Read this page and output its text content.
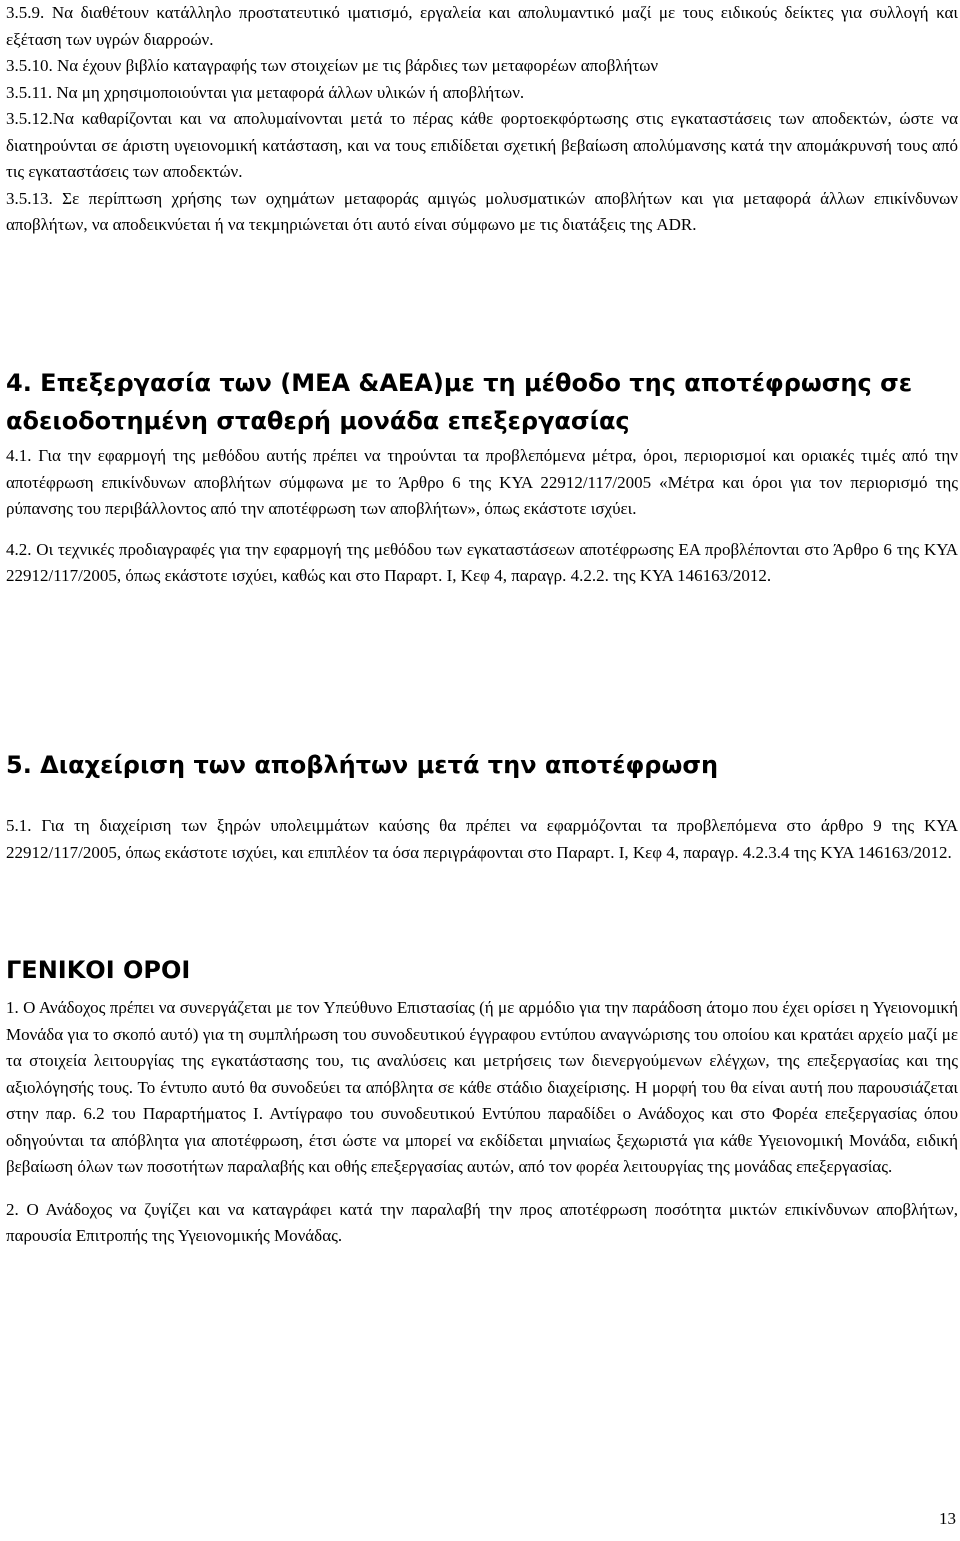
3.5.9. Να διαθέτουν κατάλληλο προστατευτικό ιματισμό, εργαλεία και απολυμαντικό μαζί με τους ειδικούς δείκτες για συλλογή και εξέταση των υγρών διαρροών.

3.5.10. Να έχουν βιβλίο καταγραφής των στοιχείων με τις βάρδιες των μεταφορέων αποβλήτων

3.5.11. Να μη χρησιμοποιούνται για μεταφορά άλλων υλικών ή αποβλήτων.

3.5.12.Να καθαρίζονται και να απολυμαίνονται μετά το πέρας κάθε φορτοεκφόρτωσης στις εγκαταστάσεις των αποδεκτών, ώστε να διατηρούνται σε άριστη υγειονομική κατάσταση, και να τους επιδίδεται σχετική βεβαίωση απολύμανσης κατά την απομάκρυνσή τους από τις εγκαταστάσεις των αποδεκτών.

3.5.13. Σε περίπτωση χρήσης των οχημάτων μεταφοράς αμιγώς μολυσματικών αποβλήτων και για μεταφορά άλλων επικίνδυνων αποβλήτων, να αποδεικνύεται ή να τεκμηριώνεται ότι αυτό είναι σύμφωνο με τις διατάξεις της ADR.

4. Επεξεργασία των (ΜΕΑ &ΑΕΑ)με τη μέθοδο της αποτέφρωσης σε αδειοδοτημένη σταθερή μονάδα επεξεργασίας

4.1. Για την εφαρμογή της μεθόδου αυτής πρέπει να τηρούνται τα προβλεπόμενα μέτρα, όροι, περιορισμοί και οριακές τιμές από την αποτέφρωση επικίνδυνων αποβλήτων σύμφωνα με το Άρθρο 6 της ΚΥΑ 22912/117/2005 «Μέτρα και όροι για τον περιορισμό της ρύπανσης του περιβάλλοντος από την αποτέφρωση των αποβλήτων», όπως εκάστοτε ισχύει.

4.2. Οι τεχνικές προδιαγραφές για την εφαρμογή της μεθόδου των εγκαταστάσεων αποτέφρωσης ΕΑ προβλέπονται στο Άρθρο 6 της ΚΥΑ 22912/117/2005, όπως εκάστοτε ισχύει, καθώς και στο Παραρτ. Ι, Κεφ 4, παραγρ. 4.2.2. της ΚΥΑ 146163/2012.

5. Διαχείριση των αποβλήτων μετά την αποτέφρωση

5.1. Για τη διαχείριση των ξηρών υπολειμμάτων καύσης θα πρέπει να εφαρμόζονται τα προβλεπόμενα στο άρθρο 9 της ΚΥΑ 22912/117/2005, όπως εκάστοτε ισχύει, και επιπλέον τα όσα περιγράφονται στο Παραρτ. Ι, Κεφ 4, παραγρ. 4.2.3.4 της ΚΥΑ 146163/2012.

ΓΕΝΙΚΟΙ ΟΡΟΙ

1. Ο Ανάδοχος πρέπει να συνεργάζεται με τον Υπεύθυνο Επιστασίας (ή με αρμόδιο για την παράδοση άτομο που έχει ορίσει η Υγειονομική Μονάδα για το σκοπό αυτό) για τη συμπλήρωση του συνοδευτικού έγγραφου εντύπου αναγνώρισης του οποίου και κρατάει αρχείο μαζί με τα στοιχεία λειτουργίας της εγκατάστασης του, τις αναλύσεις και μετρήσεις των διενεργούμενων ελέγχων, της επεξεργασίας και της αξιολόγησής τους. Το έντυπο αυτό θα συνοδεύει τα απόβλητα σε κάθε στάδιο διαχείρισης. Η μορφή του θα είναι αυτή που παρουσιάζεται στην παρ. 6.2 του Παραρτήματος Ι. Αντίγραφο του συνοδευτικού Εντύπου παραδίδει ο Ανάδοχος και στο Φορέα επεξεργασίας όπου οδηγούνται τα απόβλητα για αποτέφρωση, έτσι ώστε να μπορεί να εκδίδεται μηνιαίως ξεχωριστά για κάθε Υγειονομική Μονάδα, ειδική βεβαίωση όλων των ποσοτήτων παραλαβής και οθής επεξεργασίας αυτών, από τον φορέα λειτουργίας της μονάδας επεξεργασίας.

2. Ο Ανάδοχος να ζυγίζει και να καταγράφει κατά την παραλαβή την προς αποτέφρωση ποσότητα μικτών επικίνδυνων αποβλήτων, παρουσία Επιτροπής της Υγειονομικής Μονάδας.

13
